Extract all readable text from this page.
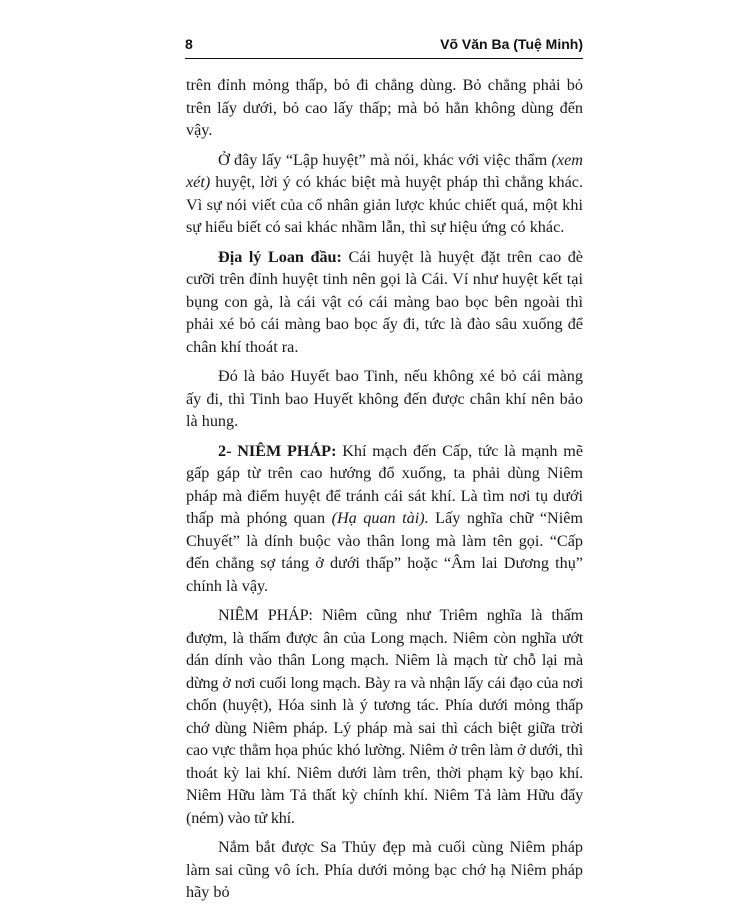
8	Võ Văn Ba (Tuệ Minh)

trên đỉnh mỏng thấp, bỏ đi chẳng dùng. Bỏ chẳng phải bỏ trên lấy dưới, bỏ cao lấy thấp; mà bỏ hẳn không dùng đến vậy.

Ở đây lấy “Lập huyệt” mà nói, khác với việc thẩm (xem xét) huyệt, lời ý có khác biệt mà huyệt pháp thì chẳng khác. Vì sự nói viết của cổ nhân giản lược khúc chiết quá, một khi sự hiểu biết có sai khác nhầm lẫn, thì sự hiệu ứng có khác.

Địa lý Loan đầu: Cái huyệt là huyệt đặt trên cao đè cưỡi trên đỉnh huyệt tinh nên gọi là Cái. Ví như huyệt kết tại bụng con gà, là cái vật có cái màng bao bọc bên ngoài thì phải xé bỏ cái màng bao bọc ấy đi, tức là đào sâu xuống để chân khí thoát ra.

Đó là bảo Huyết bao Tinh, nếu không xé bỏ cái màng ấy đi, thì Tinh bao Huyết không đến được chân khí nên bảo là hung.

2- NIÊM PHÁP: Khí mạch đến Cấp, tức là mạnh mẽ gấp gáp từ trên cao hướng đổ xuống, ta phải dùng Niêm pháp mà điểm huyệt để tránh cái sát khí. Là tìm nơi tụ dưới thấp mà phóng quan (Hạ quan tài). Lấy nghĩa chữ “Niêm Chuyết” là dính buộc vào thân long mà làm tên gọi. “Cấp đến chẳng sợ táng ở dưới thấp” hoặc “Âm lai Dương thụ” chính là vậy.

NIÊM PHÁP: Niêm cũng như Triêm nghĩa là thấm đượm, là thấm được ân của Long mạch. Niêm còn nghĩa ướt dán dính vào thân Long mạch. Niêm là mạch từ chỗ lại mà dừng ở nơi cuối long mạch. Bày ra và nhận lấy cái đạo của nơi chốn (huyệt), Hóa sinh là ý tương tác. Phía dưới mỏng thấp chớ dùng Niêm pháp. Lý pháp mà sai thì cách biệt giữa trời cao vực thẳm họa phúc khó lường. Niêm ở trên làm ở dưới, thì thoát kỳ lai khí. Niêm dưới làm trên, thời phạm kỳ bạo khí. Niêm Hữu làm Tả thất kỳ chính khí. Niêm Tả làm Hữu đẩy (ném) vào tử khí.

Nắm bắt được Sa Thủy đẹp mà cuối cùng Niêm pháp làm sai cũng vô ích. Phía dưới mỏng bạc chớ hạ Niêm pháp hãy bỏ
